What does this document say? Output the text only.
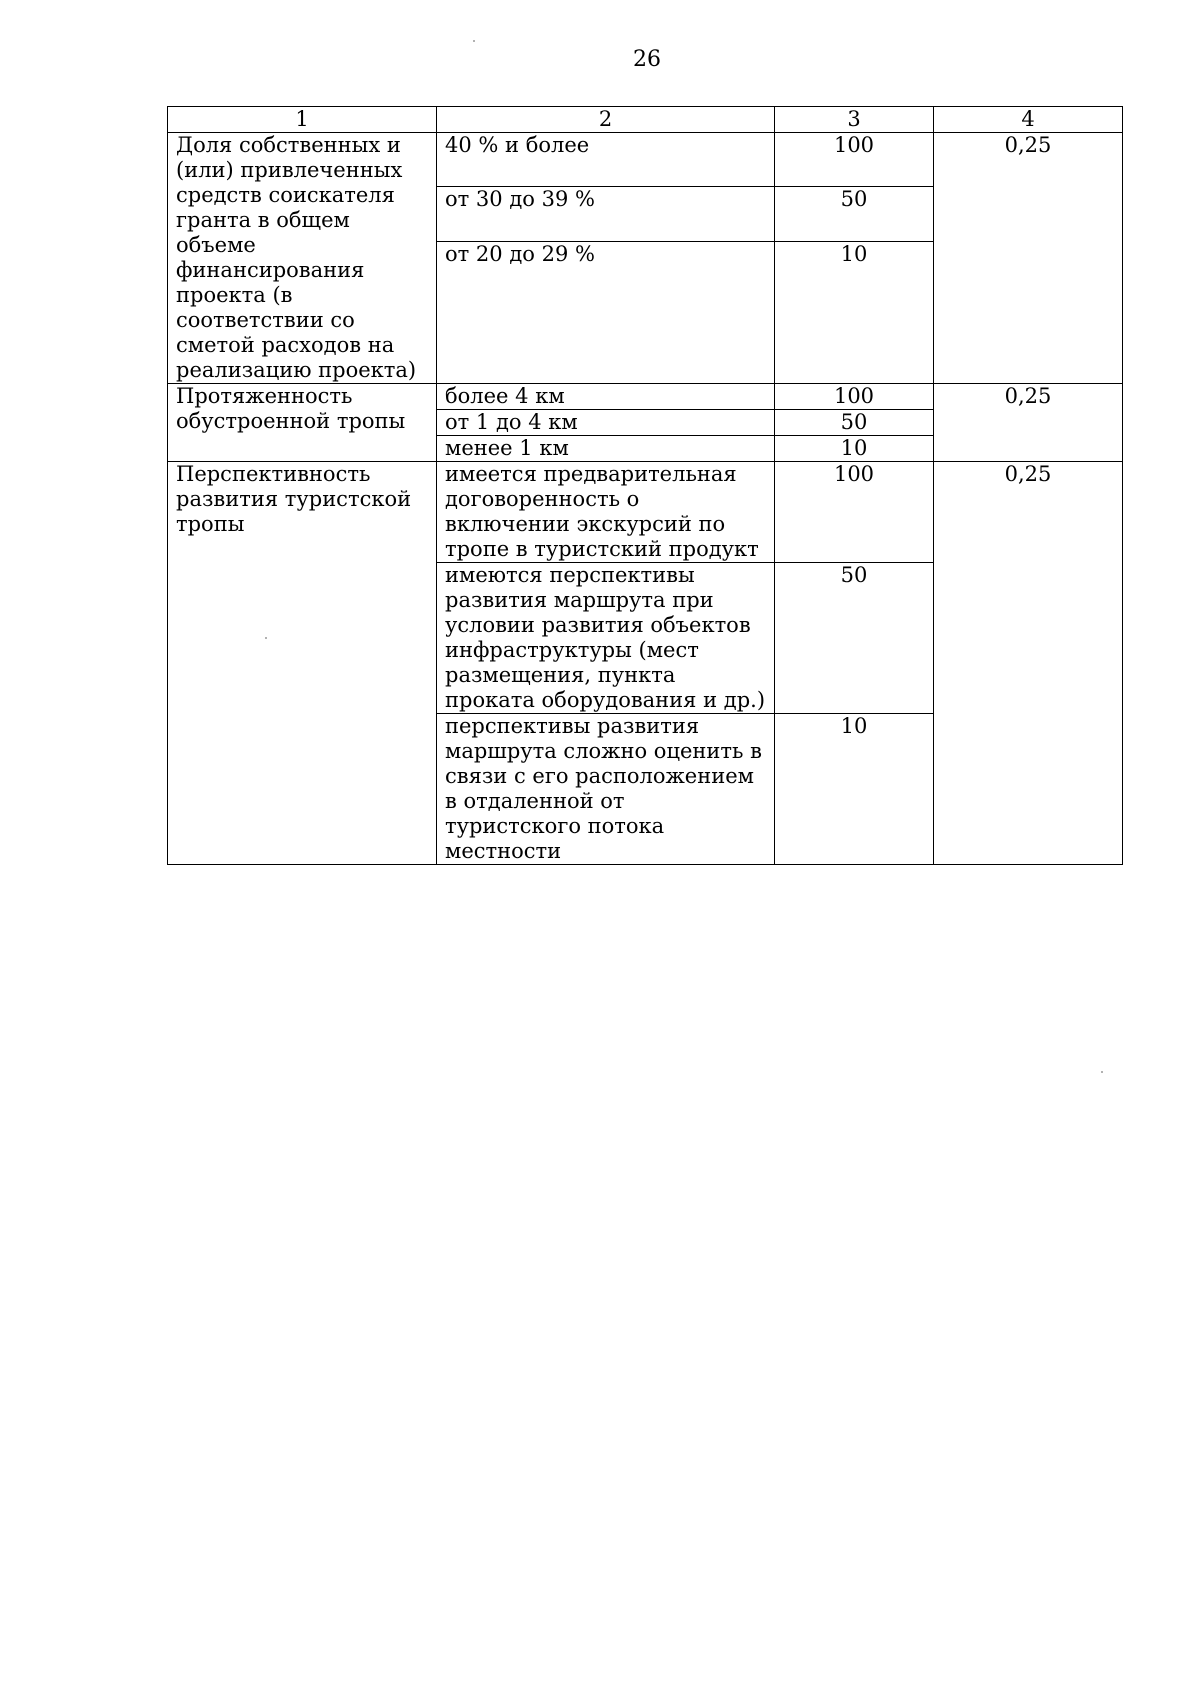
26
1	2	3	4
Доля собственных и (или) привлеченных средств соискателя гранта в общем объеме финансирования проекта (в соответствии со сметой расходов на реализацию проекта)	40 % и более	100	0,25
	от 30 до 39 %	50	
	от 20 до 29 %	10	
Протяженность обустроенной тропы	более 4 км	100	0,25
	от 1 до 4 км	50	
	менее 1 км	10	
Перспективность развития туристской тропы	имеется предварительная договоренность о включении экскурсий по тропе в туристский продукт	100	0,25
	имеются перспективы развития маршрута при условии развития объектов инфраструктуры (мест размещения, пункта проката оборудования и др.)	50	
	перспективы развития маршрута сложно оценить в связи с его расположением в отдаленной от туристского потока местности	10	
